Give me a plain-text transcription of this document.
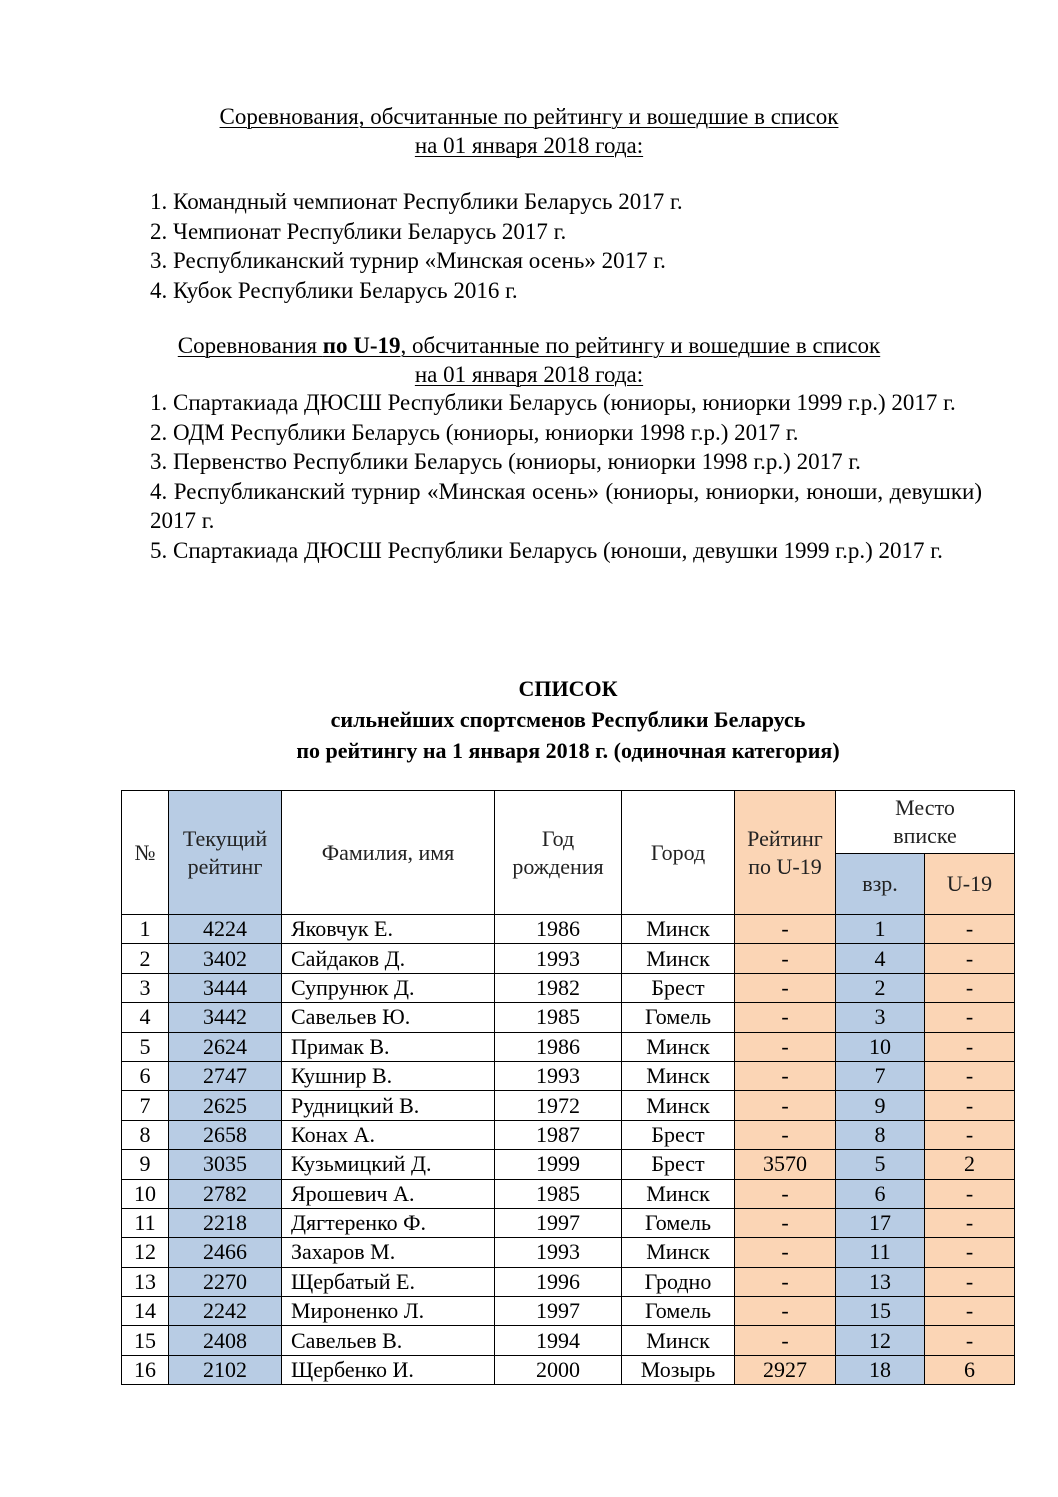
Соревнования, обсчитанные по рейтингу и вошедшие в список
на 01 января 2018 года:
1. Командный чемпионат Республики Беларусь 2017 г.
2. Чемпионат Республики Беларусь 2017 г.
3. Республиканский турнир «Минская осень» 2017 г.
4. Кубок Республики Беларусь 2016 г.
Соревнования по U-19, обсчитанные по рейтингу и вошедшие в список
на 01 января 2018 года:
1. Спартакиада ДЮСШ Республики Беларусь (юниоры, юниорки 1999 г.р.) 2017 г.
2. ОДМ Республики Беларусь (юниоры, юниорки 1998 г.р.) 2017 г.
3. Первенство Республики Беларусь (юниоры, юниорки 1998 г.р.) 2017 г.
4. Республиканский турнир «Минская осень» (юниоры, юниорки, юноши, девушки) 2017 г.
5. Спартакиада ДЮСШ Республики Беларусь (юноши, девушки 1999 г.р.) 2017 г.
СПИСОК
сильнейших спортсменов Республики Беларусь
по рейтингу на 1 января 2018 г. (одиночная категория)
№	Текущий рейтинг	Фамилия, имя	Год рождения	Город	Рейтинг по U-19	Место вписке	
						взр.	U-19
1	4224	Яковчук Е.	1986	Минск	-	1	-
2	3402	Сайдаков Д.	1993	Минск	-	4	-
3	3444	Супрунюк Д.	1982	Брест	-	2	-
4	3442	Савельев Ю.	1985	Гомель	-	3	-
5	2624	Примак В.	1986	Минск	-	10	-
6	2747	Кушнир В.	1993	Минск	-	7	-
7	2625	Рудницкий В.	1972	Минск	-	9	-
8	2658	Конах А.	1987	Брест	-	8	-
9	3035	Кузьмицкий Д.	1999	Брест	3570	5	2
10	2782	Ярошевич А.	1985	Минск	-	6	-
11	2218	Дягтеренко Ф.	1997	Гомель	-	17	-
12	2466	Захаров М.	1993	Минск	-	11	-
13	2270	Щербатый Е.	1996	Гродно	-	13	-
14	2242	Мироненко Л.	1997	Гомель	-	15	-
15	2408	Савельев В.	1994	Минск	-	12	-
16	2102	Щербенко И.	2000	Мозырь	2927	18	6
